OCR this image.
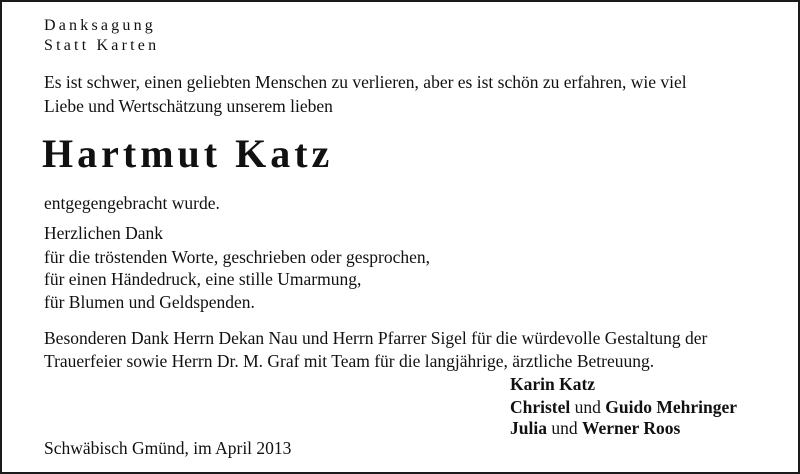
Danksagung
Statt Karten
Es ist schwer, einen geliebten Menschen zu verlieren, aber es ist schön zu erfahren, wie viel
Liebe und Wertschätzung unserem lieben
Hartmut Katz
entgegengebracht wurde.
Herzlichen Dank
für die tröstenden Worte, geschrieben oder gesprochen,
für einen Händedruck, eine stille Umarmung,
für Blumen und Geldspenden.
Besonderen Dank Herrn Dekan Nau und Herrn Pfarrer Sigel für die würdevolle Gestaltung der
Trauerfeier sowie Herrn Dr. M. Graf mit Team für die langjährige, ärztliche Betreuung.
Karin Katz
Christel und Guido Mehringer
Julia und Werner Roos
Schwäbisch Gmünd, im April 2013
